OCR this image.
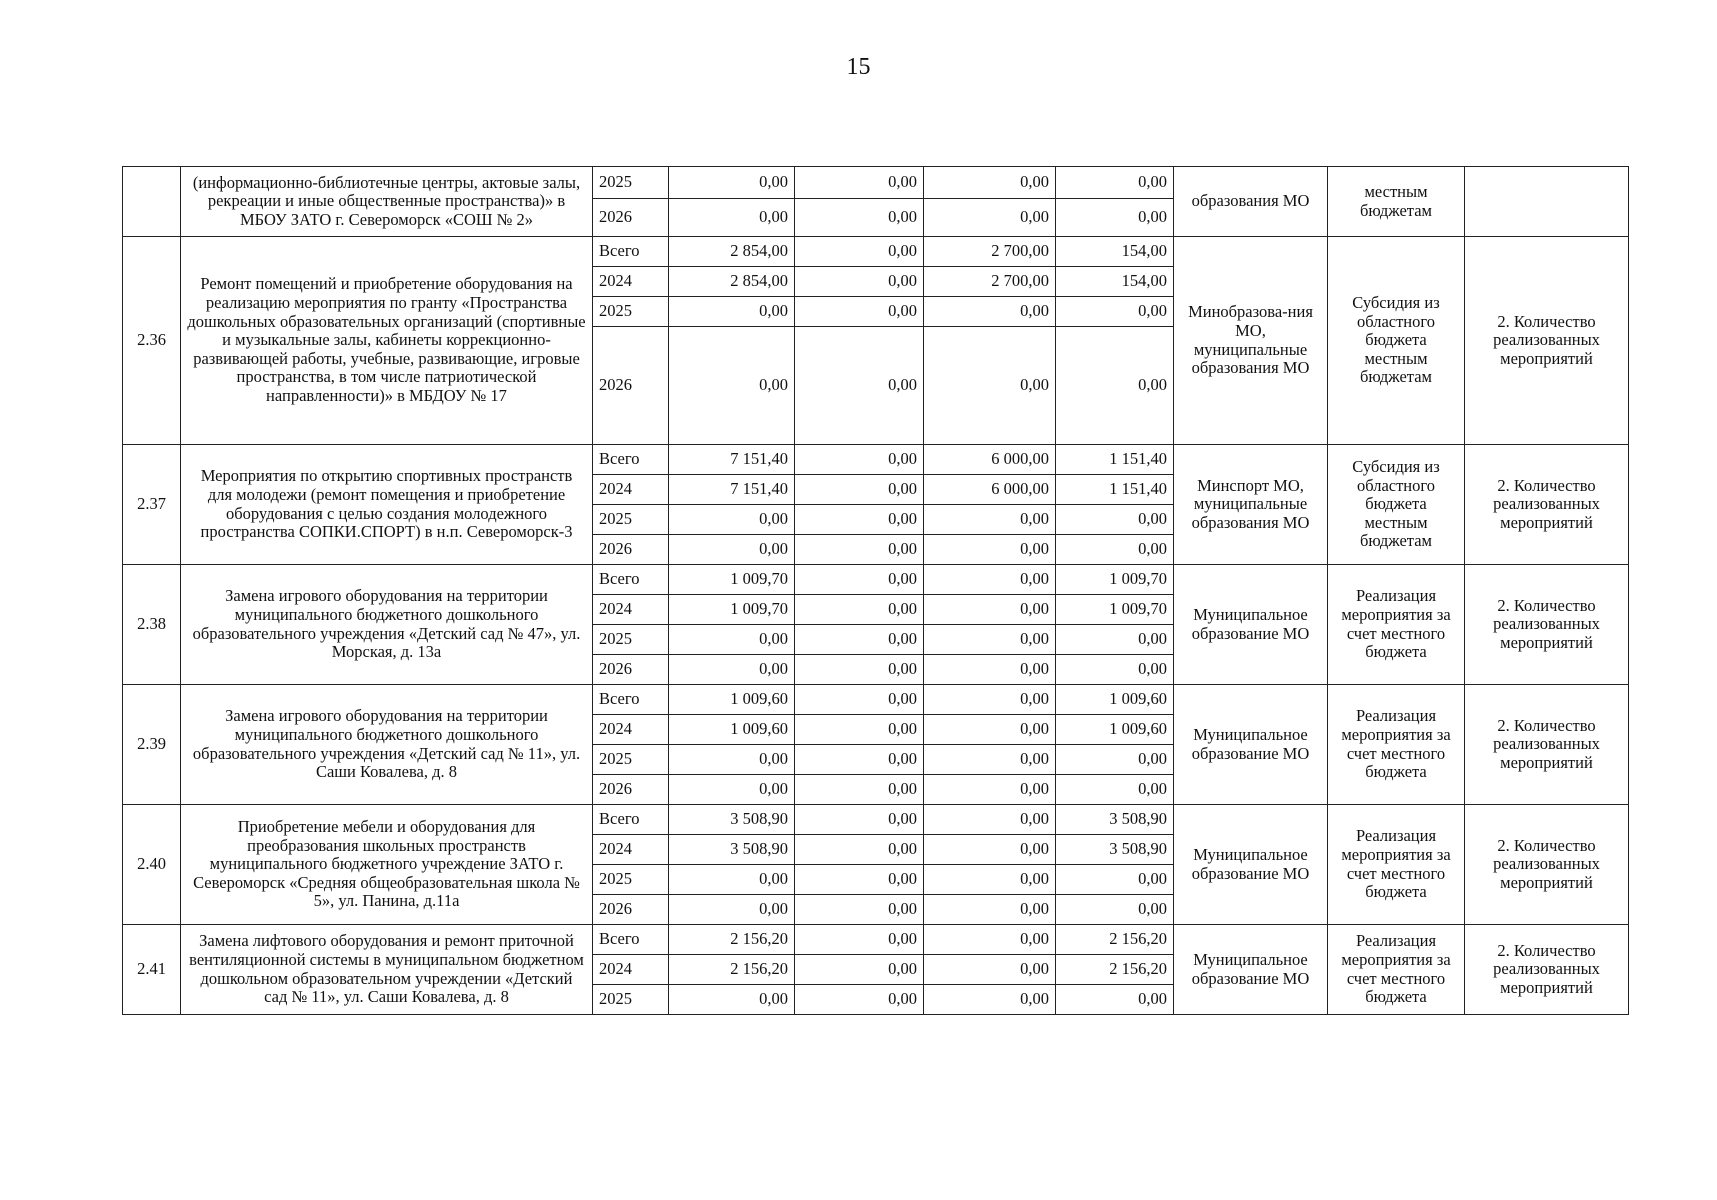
15
	(информационно-библиотечные центры, актовые залы, рекреации и иные общественные пространства)» в МБОУ ЗАТО г. Североморск «СОШ № 2»	2025	0,00	0,00	0,00	0,00	образования МО	местным бюджетам	
		2026	0,00	0,00	0,00	0,00			
2.36	Ремонт помещений и приобретение оборудования на реализацию мероприятия по гранту «Пространства дошкольных образовательных организаций (спортивные и музыкальные залы, кабинеты коррекционно-развивающей работы, учебные, развивающие, игровые пространства, в том числе патриотической направленности)» в МБДОУ № 17	Всего	2 854,00	0,00	2 700,00	154,00	Минобразова-ния МО, муниципальные образования МО	Субсидия из областного бюджета местным бюджетам	2. Количество реализованных мероприятий
		2024	2 854,00	0,00	2 700,00	154,00			
		2025	0,00	0,00	0,00	0,00			
		2026	0,00	0,00	0,00	0,00			
2.37	Мероприятия по открытию спортивных пространств для молодежи (ремонт помещения и приобретение оборудования с целью создания молодежного пространства СОПКИ.СПОРТ) в н.п. Североморск-3	Всего	7 151,40	0,00	6 000,00	1 151,40	Минспорт МО, муниципальные образования МО	Субсидия из областного бюджета местным бюджетам	2. Количество реализованных мероприятий
		2024	7 151,40	0,00	6 000,00	1 151,40			
		2025	0,00	0,00	0,00	0,00			
		2026	0,00	0,00	0,00	0,00			
2.38	Замена игрового оборудования на территории муниципального бюджетного дошкольного образовательного учреждения «Детский сад № 47», ул. Морская, д. 13а	Всего	1 009,70	0,00	0,00	1 009,70	Муниципальное образование МО	Реализация мероприятия за счет местного бюджета	2. Количество реализованных мероприятий
		2024	1 009,70	0,00	0,00	1 009,70			
		2025	0,00	0,00	0,00	0,00			
		2026	0,00	0,00	0,00	0,00			
2.39	Замена игрового оборудования на территории муниципального бюджетного дошкольного образовательного учреждения «Детский сад № 11», ул. Саши Ковалева, д. 8	Всего	1 009,60	0,00	0,00	1 009,60	Муниципальное образование МО	Реализация мероприятия за счет местного бюджета	2. Количество реализованных мероприятий
		2024	1 009,60	0,00	0,00	1 009,60			
		2025	0,00	0,00	0,00	0,00			
		2026	0,00	0,00	0,00	0,00			
2.40	Приобретение мебели и оборудования для преобразования школьных пространств муниципального бюджетного учреждение ЗАТО г. Североморск «Средняя общеобразовательная школа № 5», ул. Панина, д.11а	Всего	3 508,90	0,00	0,00	3 508,90	Муниципальное образование МО	Реализация мероприятия за счет местного бюджета	2. Количество реализованных мероприятий
		2024	3 508,90	0,00	0,00	3 508,90			
		2025	0,00	0,00	0,00	0,00			
		2026	0,00	0,00	0,00	0,00			
2.41	Замена лифтового оборудования и ремонт приточной вентиляционной системы в муниципальном бюджетном дошкольном образовательном учреждении «Детский сад № 11», ул. Саши Ковалева, д. 8	Всего	2 156,20	0,00	0,00	2 156,20	Муниципальное образование МО	Реализация мероприятия за счет местного бюджета	2. Количество реализованных мероприятий
		2024	2 156,20	0,00	0,00	2 156,20			
		2025	0,00	0,00	0,00	0,00			
